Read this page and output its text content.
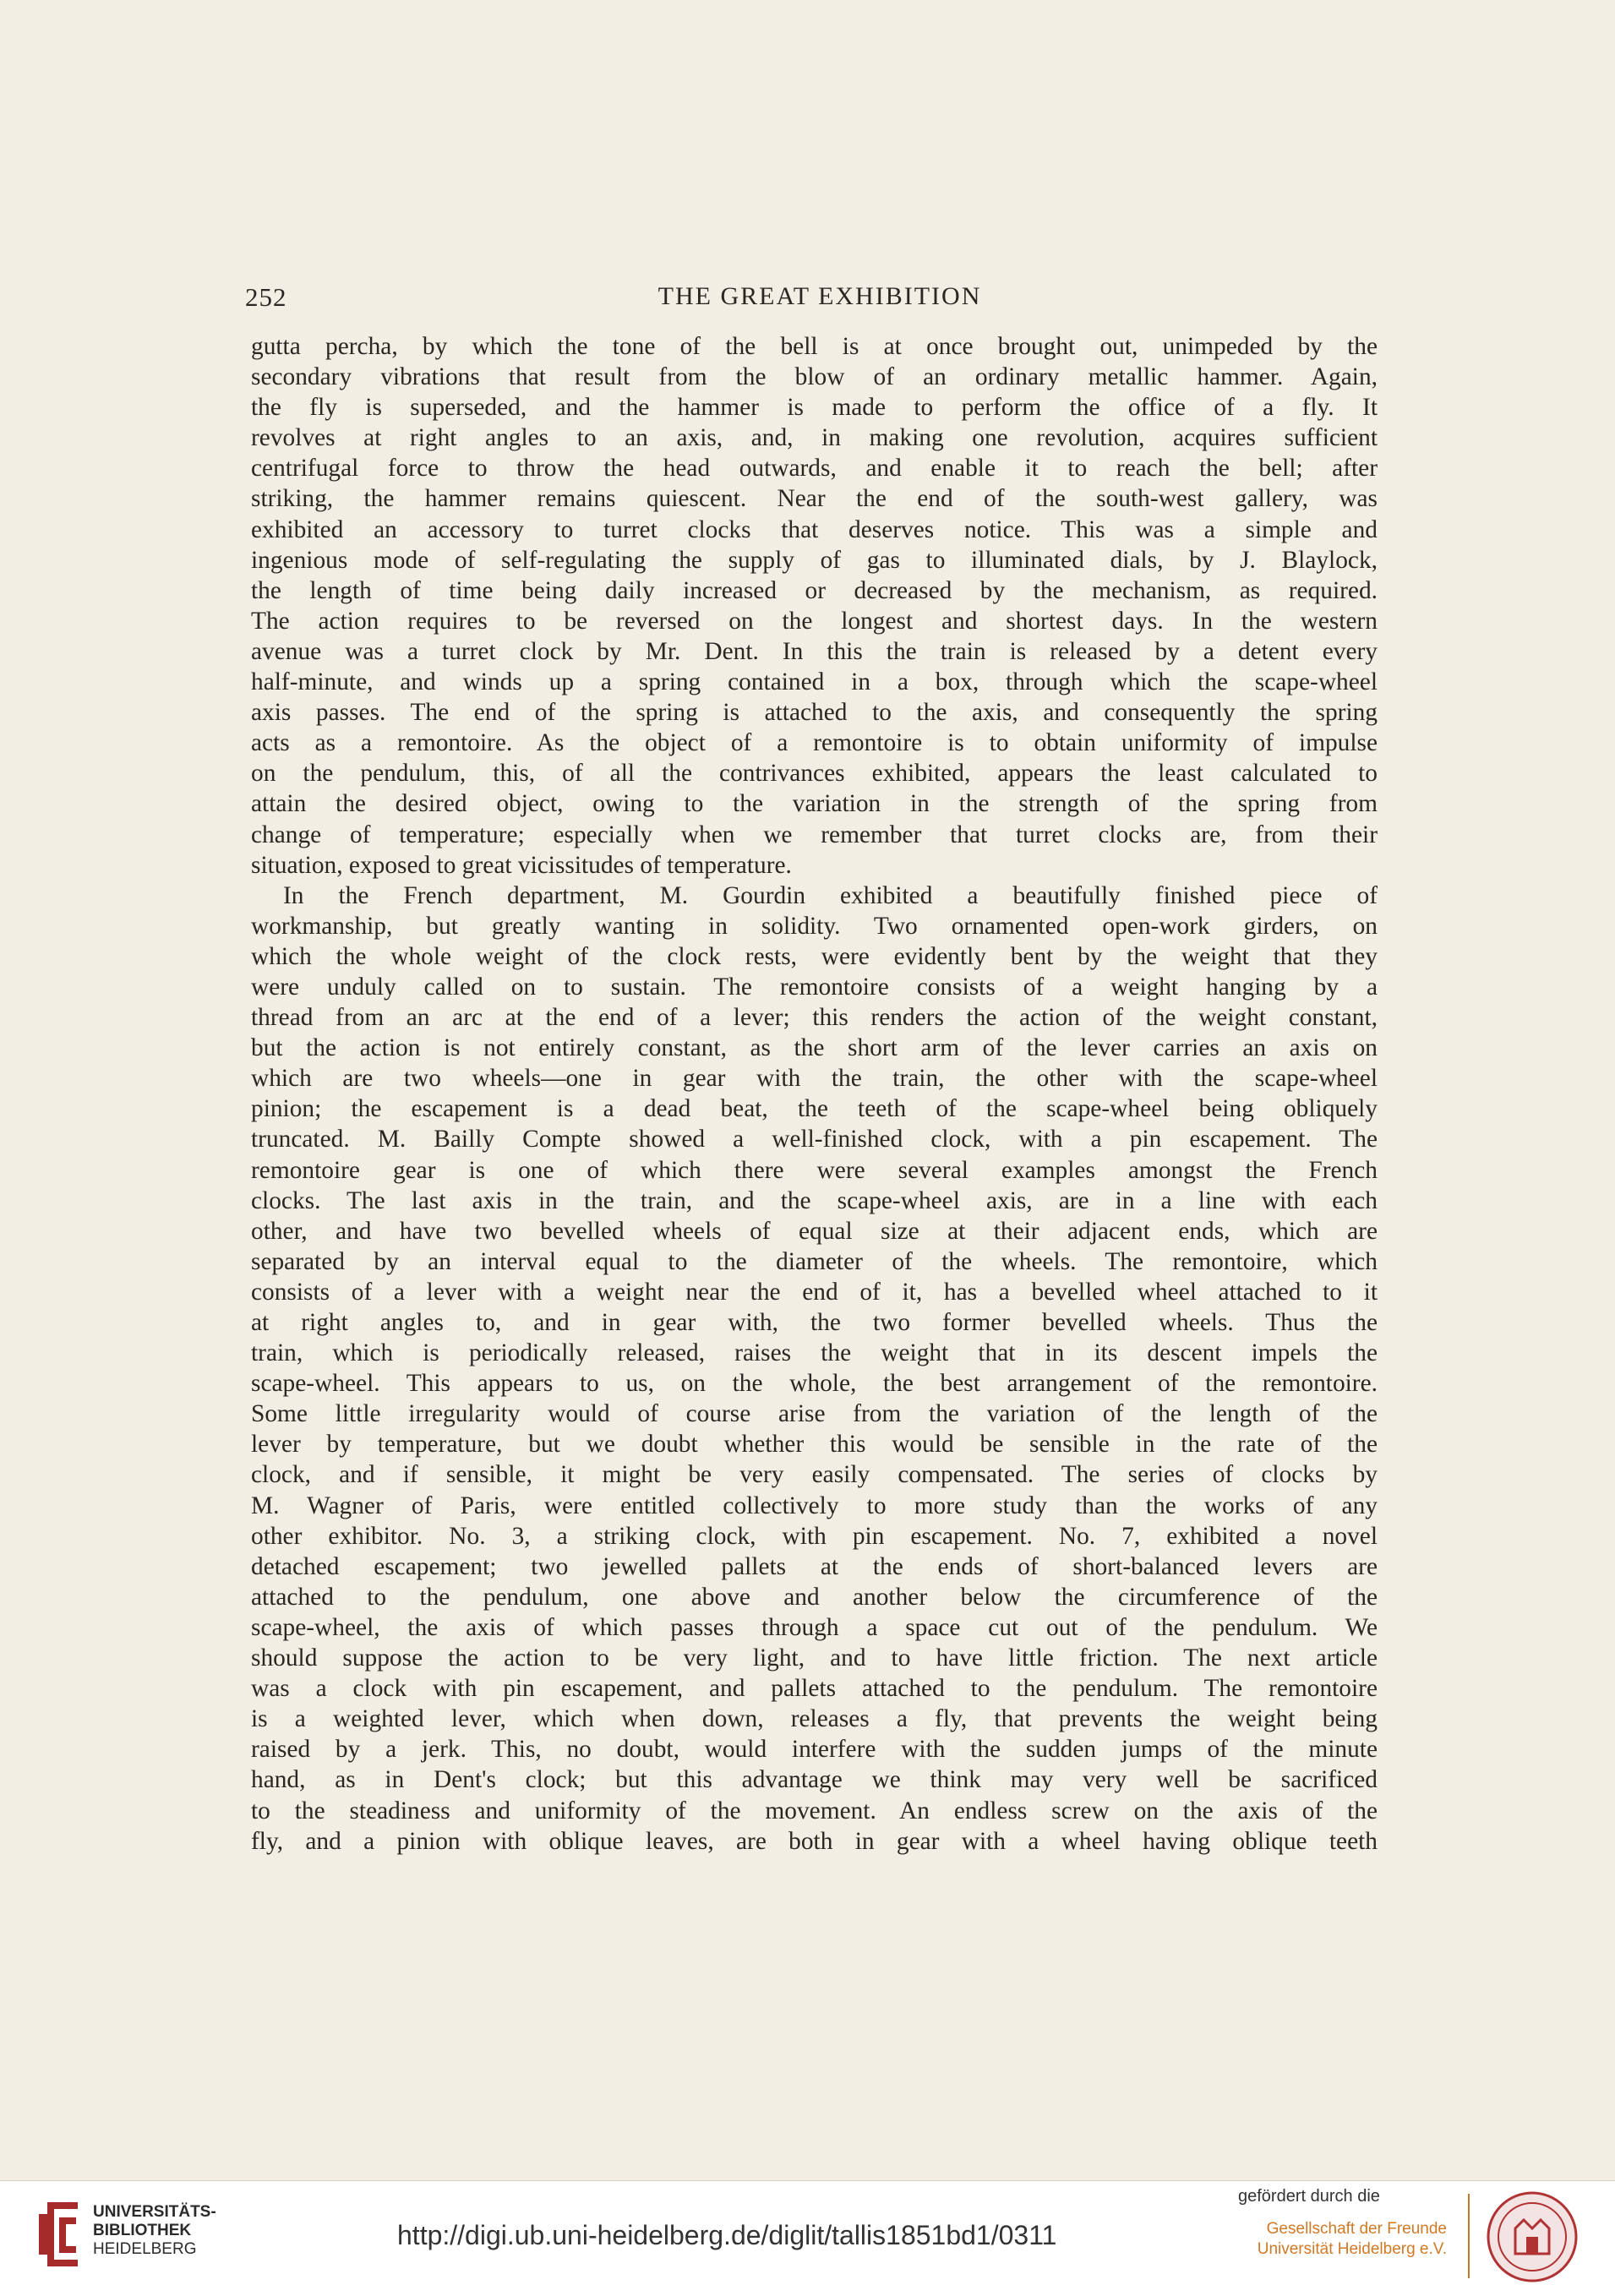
252	THE GREAT EXHIBITION
gutta percha, by which the tone of the bell is at once brought out, unimpeded by the
secondary vibrations that result from the blow of an ordinary metallic hammer. Again,
the fly is superseded, and the hammer is made to perform the office of a fly. It
revolves at right angles to an axis, and, in making one revolution, acquires sufficient
centrifugal force to throw the head outwards, and enable it to reach the bell; after
striking, the hammer remains quiescent. Near the end of the south-west gallery, was
exhibited an accessory to turret clocks that deserves notice. This was a simple and
ingenious mode of self-regulating the supply of gas to illuminated dials, by J. Blaylock,
the length of time being daily increased or decreased by the mechanism, as required.
The action requires to be reversed on the longest and shortest days. In the western
avenue was a turret clock by Mr. Dent. In this the train is released by a detent every
half-minute, and winds up a spring contained in a box, through which the scape-wheel
axis passes. The end of the spring is attached to the axis, and consequently the spring
acts as a remontoire. As the object of a remontoire is to obtain uniformity of impulse
on the pendulum, this, of all the contrivances exhibited, appears the least calculated to
attain the desired object, owing to the variation in the strength of the spring from
change of temperature; especially when we remember that turret clocks are, from their
situation, exposed to great vicissitudes of temperature.
In the French department, M. Gourdin exhibited a beautifully finished piece of
workmanship, but greatly wanting in solidity. Two ornamented open-work girders, on
which the whole weight of the clock rests, were evidently bent by the weight that they
were unduly called on to sustain. The remontoire consists of a weight hanging by a
thread from an arc at the end of a lever; this renders the action of the weight constant,
but the action is not entirely constant, as the short arm of the lever carries an axis on
which are two wheels—one in gear with the train, the other with the scape-wheel
pinion; the escapement is a dead beat, the teeth of the scape-wheel being obliquely
truncated. M. Bailly Compte showed a well-finished clock, with a pin escapement. The
remontoire gear is one of which there were several examples amongst the French
clocks. The last axis in the train, and the scape-wheel axis, are in a line with each
other, and have two bevelled wheels of equal size at their adjacent ends, which are
separated by an interval equal to the diameter of the wheels. The remontoire, which
consists of a lever with a weight near the end of it, has a bevelled wheel attached to it
at right angles to, and in gear with, the two former bevelled wheels. Thus the
train, which is periodically released, raises the weight that in its descent impels the
scape-wheel. This appears to us, on the whole, the best arrangement of the remontoire.
Some little irregularity would of course arise from the variation of the length of the
lever by temperature, but we doubt whether this would be sensible in the rate of the
clock, and if sensible, it might be very easily compensated. The series of clocks by
M. Wagner of Paris, were entitled collectively to more study than the works of any
other exhibitor. No. 3, a striking clock, with pin escapement. No. 7, exhibited a novel
detached escapement; two jewelled pallets at the ends of short-balanced levers are
attached to the pendulum, one above and another below the circumference of the
scape-wheel, the axis of which passes through a space cut out of the pendulum. We
should suppose the action to be very light, and to have little friction. The next article
was a clock with pin escapement, and pallets attached to the pendulum. The remontoire
is a weighted lever, which when down, releases a fly, that prevents the weight being
raised by a jerk. This, no doubt, would interfere with the sudden jumps of the minute
hand, as in Dent's clock; but this advantage we think may very well be sacrificed
to the steadiness and uniformity of the movement. An endless screw on the axis of the
fly, and a pinion with oblique leaves, are both in gear with a wheel having oblique teeth
UNIVERSITÄTS-
BIBLIOTHEK
HEIDELBERG	http://digi.ub.uni-heidelberg.de/diglit/tallis1851bd1/0311
gefördert durch die
Gesellschaft der Freunde
Universität Heidelberg e.V.
